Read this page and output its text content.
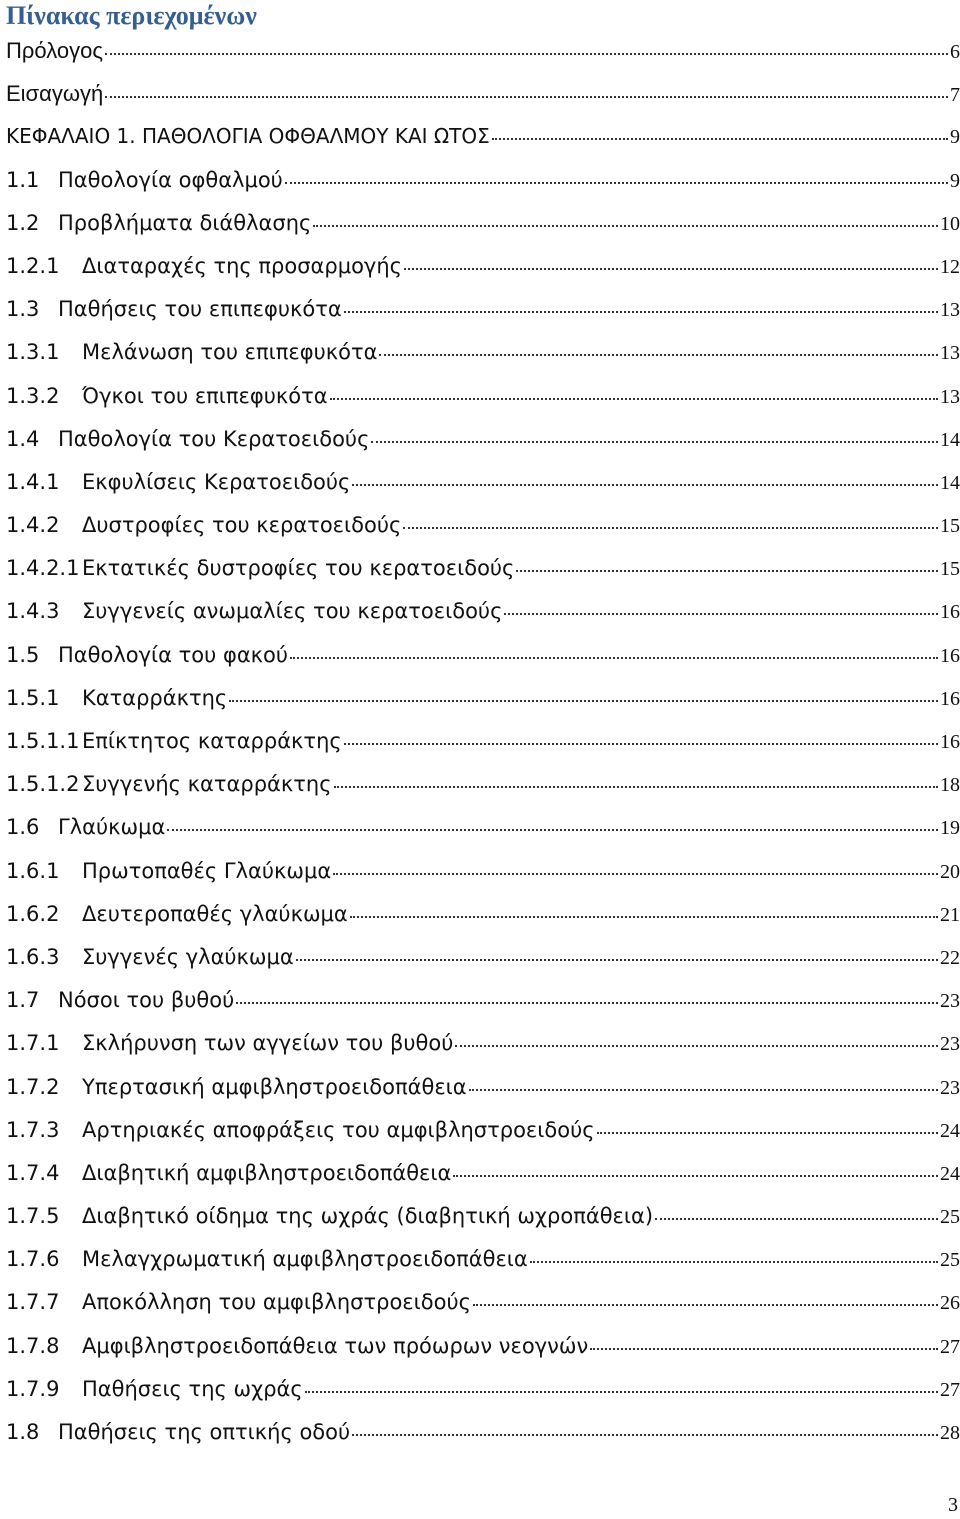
Πίνακας περιεχομένων
Πρόλογος	6
Εισαγωγή	7
ΚΕΦΑΛΑΙΟ 1. ΠΑΘΟΛΟΓΙΑ ΟΦΘΑΛΜΟΥ ΚΑΙ ΩΤΟΣ	9
1.1 Παθολογία οφθαλμού	9
1.2 Προβλήματα διάθλασης	10
1.2.1	Διαταραχές της προσαρμογής	12
1.3 Παθήσεις του επιπεφυκότα	13
1.3.1	Μελάνωση του επιπεφυκότα	13
1.3.2	Όγκοι του επιπεφυκότα	13
1.4 Παθολογία του Κερατοειδούς	14
1.4.1	Εκφυλίσεις Κερατοειδούς	14
1.4.2	Δυστροφίες του κερατοειδούς	15
1.4.2.1 Εκτατικές δυστροφίες του κερατοειδούς	15
1.4.3	Συγγενείς ανωμαλίες του κερατοειδούς	16
1.5 Παθολογία του φακού	16
1.5.1	Καταρράκτης	16
1.5.1.1 Επίκτητος καταρράκτης	16
1.5.1.2 Συγγενής καταρράκτης	18
1.6 Γλαύκωμα	19
1.6.1	Πρωτοπαθές Γλαύκωμα	20
1.6.2	Δευτεροπαθές γλαύκωμα	21
1.6.3	Συγγενές γλαύκωμα	22
1.7 Νόσοι του βυθού	23
1.7.1	Σκλήρυνση των αγγείων του βυθού	23
1.7.2	Υπερτασική αμφιβληστροειδοπάθεια	23
1.7.3	Αρτηριακές αποφράξεις του αμφιβληστροειδούς	24
1.7.4	Διαβητική αμφιβληστροειδοπάθεια	24
1.7.5	Διαβητικό οίδημα της ωχράς (διαβητική ωχροπάθεια)	25
1.7.6	Μελαγχρωματική αμφιβληστροειδοπάθεια	25
1.7.7	Αποκόλληση του αμφιβληστροειδούς	26
1.7.8	Αμφιβληστροειδοπάθεια των πρόωρων νεογνών	27
1.7.9	Παθήσεις της ωχράς	27
1.8 Παθήσεις της οπτικής οδού	28
3
